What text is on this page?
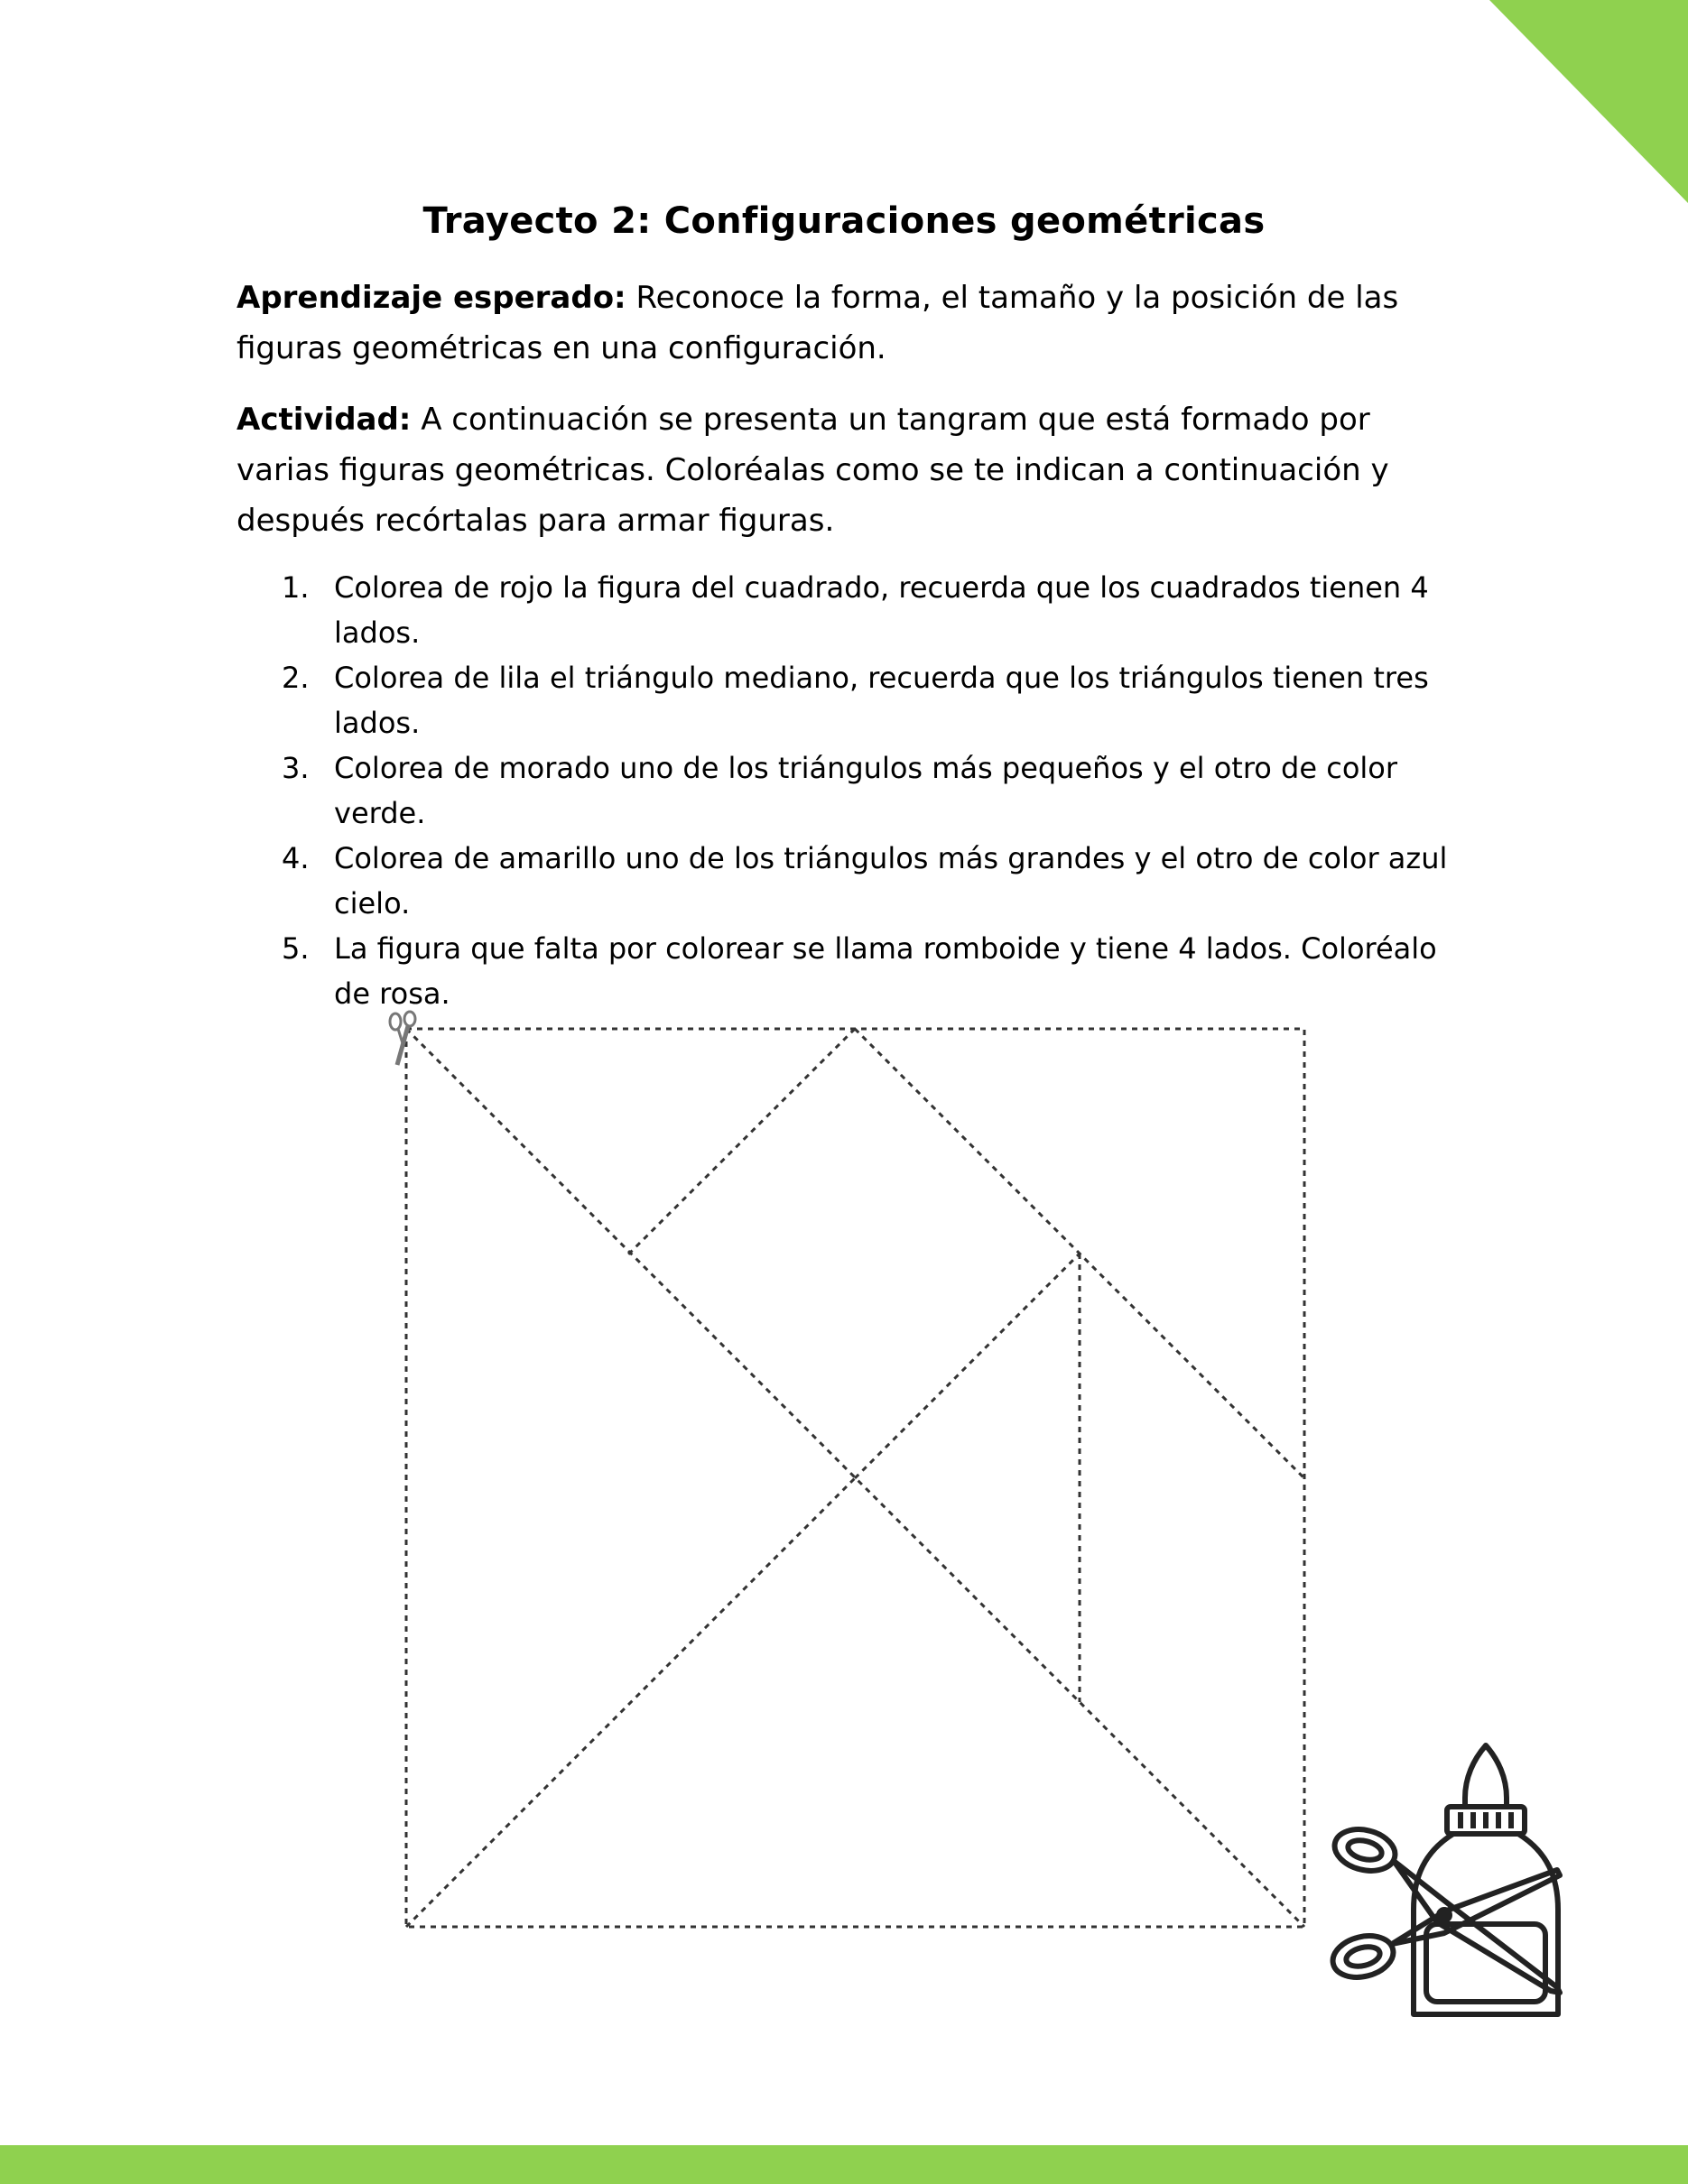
Trayecto 2: Configuraciones geométricas

Aprendizaje esperado: Reconoce la forma, el tamaño y la posición de las figuras geométricas en una configuración.

Actividad: A continuación se presenta un tangram que está formado por varias figuras geométricas. Coloréalas como se te indican a continuación y después recórtalas para armar figuras.

1. Colorea de rojo la figura del cuadrado, recuerda que los cuadrados tienen 4 lados.
2. Colorea de lila el triángulo mediano, recuerda que los triángulos tienen tres lados.
3. Colorea de morado uno de los triángulos más pequeños y el otro de color verde.
4. Colorea de amarillo uno de los triángulos más grandes y el otro de color azul cielo.
5. La figura que falta por colorear se llama romboide y tiene 4 lados. Coloréalo de rosa.
